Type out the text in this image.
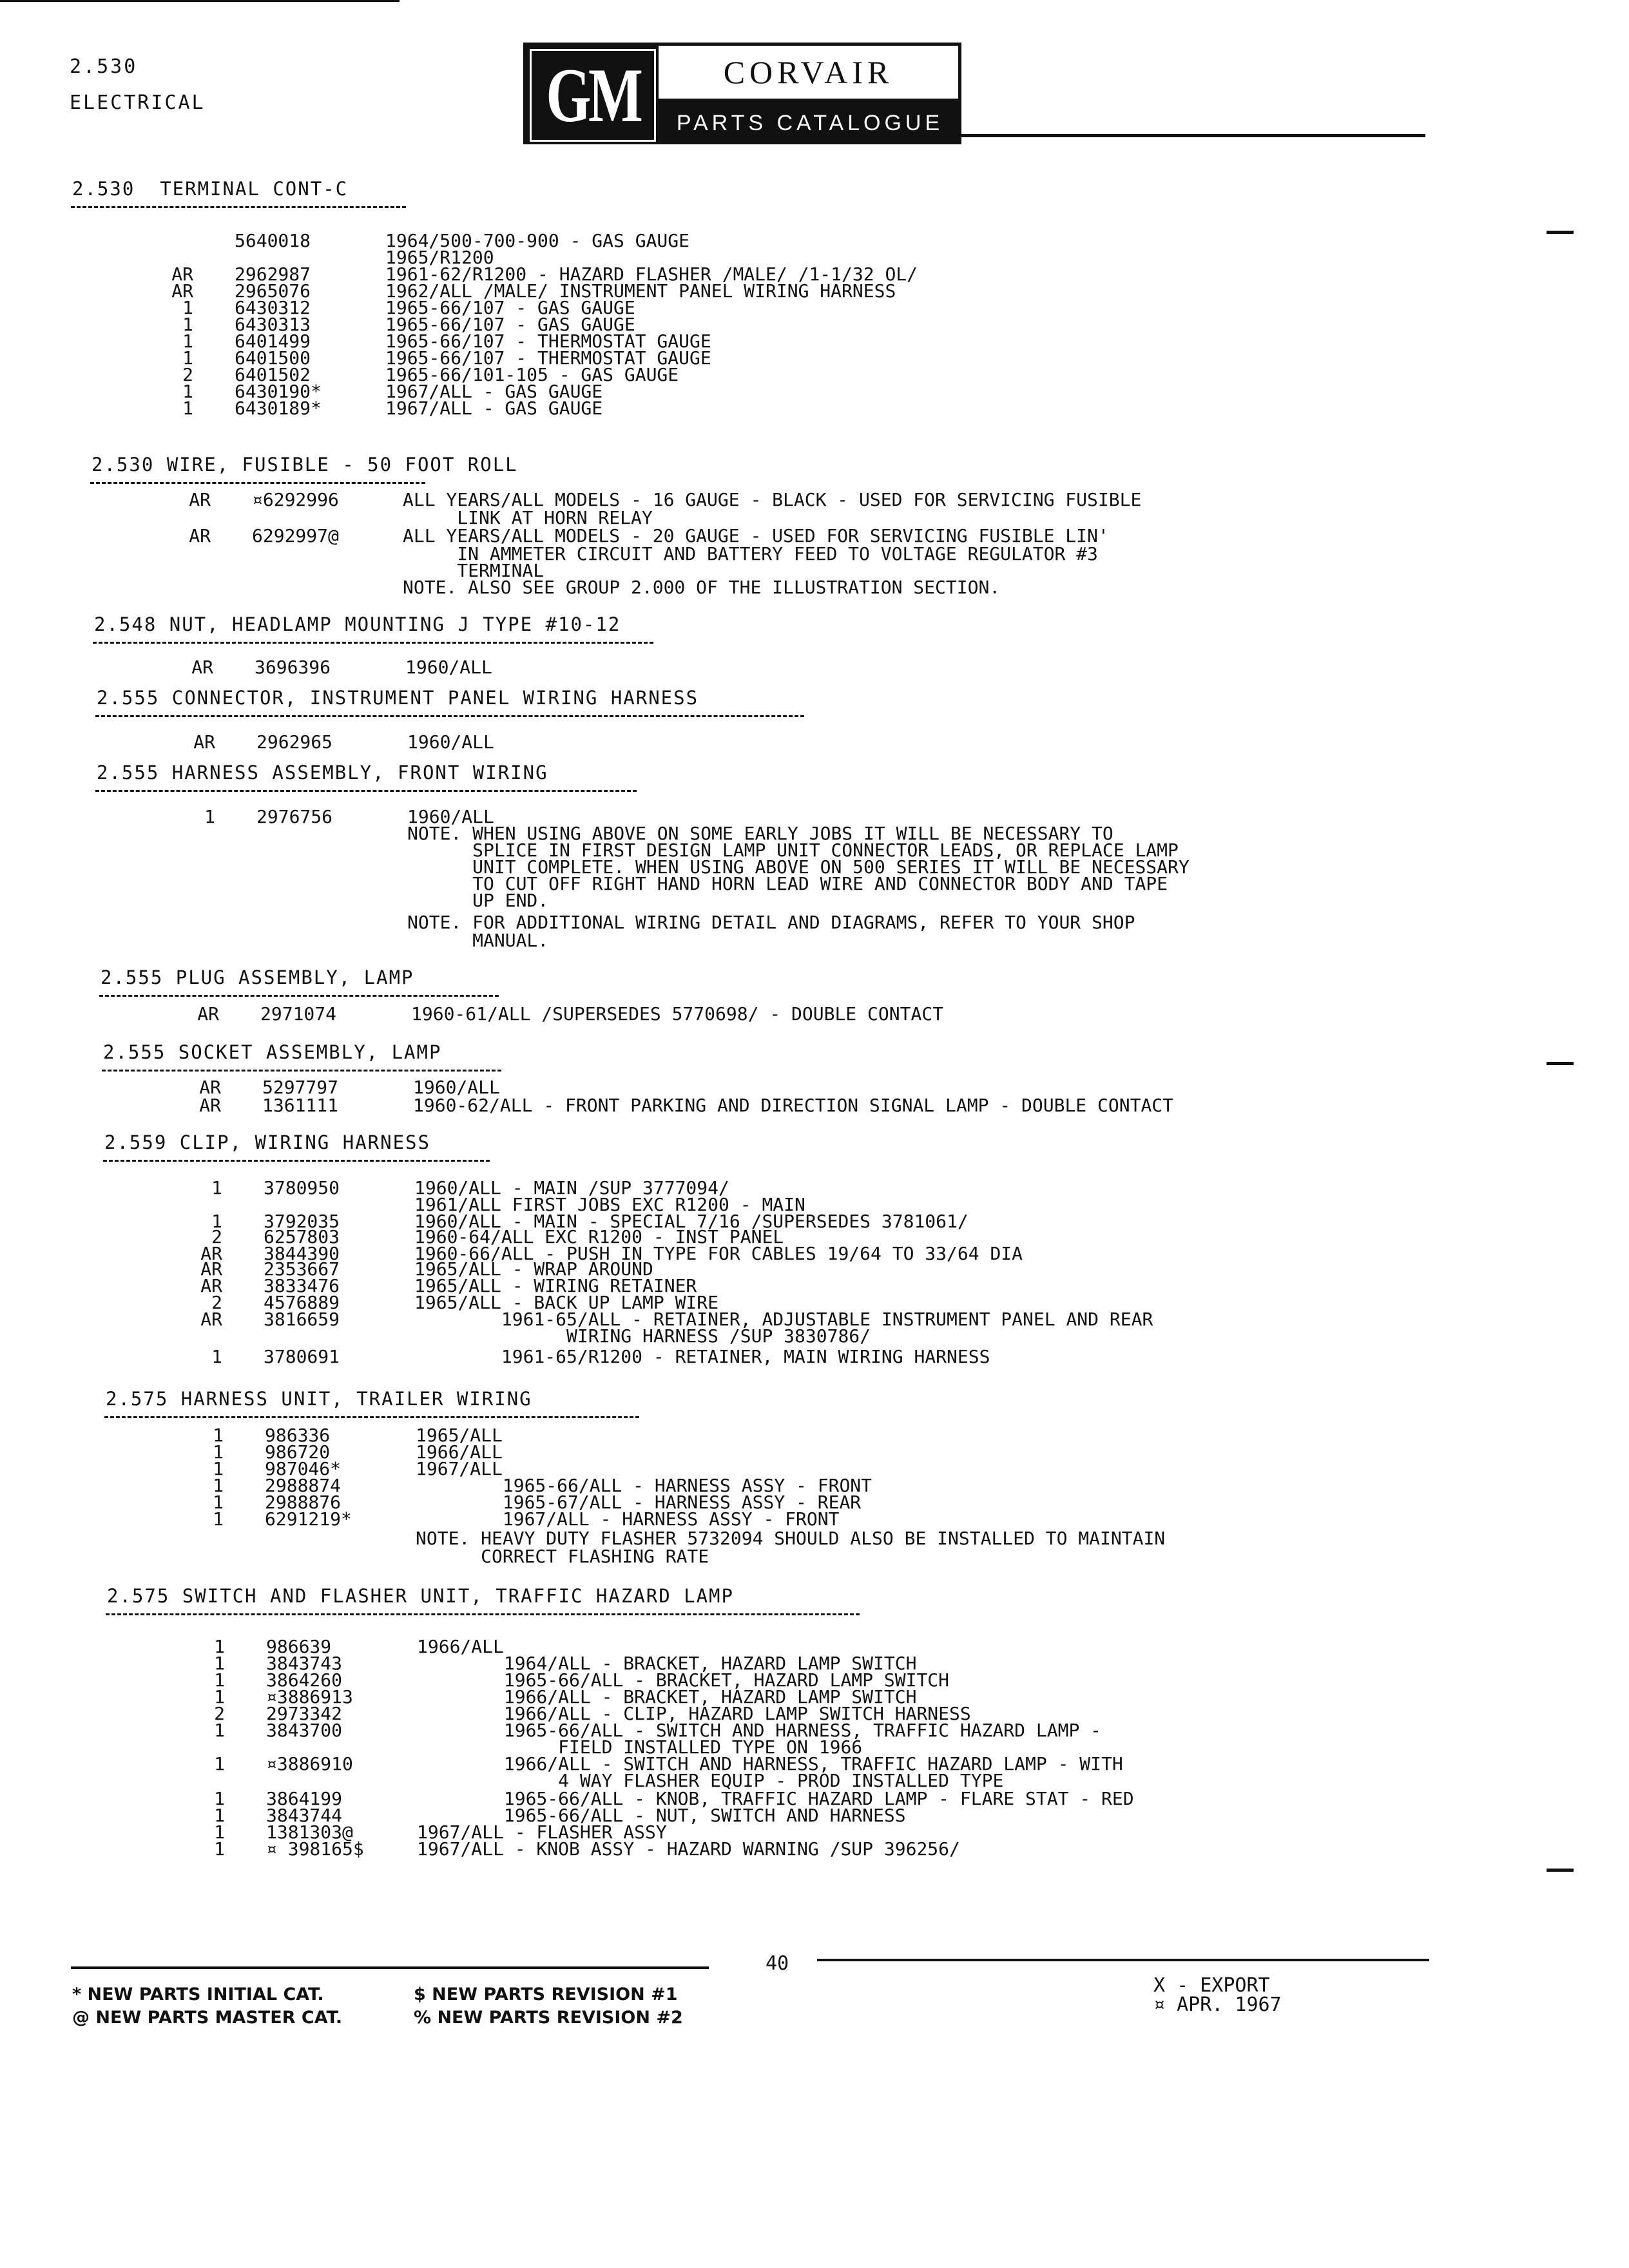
2.530
ELECTRICAL	GM	CORVAIR
PARTS CATALOGUE
2.530  TERMINAL CONT-C
5640018	1964/500-700-900 - GAS GAUGE
1965/R1200
AR 2962987	1961-62/R1200 - HAZARD FLASHER /MALE/ /1-1/32 OL/
AR 2965076	1962/ALL /MALE/ INSTRUMENT PANEL WIRING HARNESS
1 6430312	1965-66/107 - GAS GAUGE
1 6430313	1965-66/107 - GAS GAUGE
1 6401499	1965-66/107 - THERMOSTAT GAUGE
1 6401500	1965-66/107 - THERMOSTAT GAUGE
2 6401502	1965-66/101-105 - GAS GAUGE
1 6430190*	1967/ALL - GAS GAUGE
1 6430189*	1967/ALL - GAS GAUGE
2.530 WIRE, FUSIBLE - 50 FOOT ROLL
AR ¤6292996	ALL YEARS/ALL MODELS - 16 GAUGE - BLACK - USED FOR SERVICING FUSIBLE
LINK AT HORN RELAY
AR 6292997@	ALL YEARS/ALL MODELS - 20 GAUGE - USED FOR SERVICING FUSIBLE LIN'
IN AMMETER CIRCUIT AND BATTERY FEED TO VOLTAGE REGULATOR #3
TERMINAL
NOTE. ALSO SEE GROUP 2.000 OF THE ILLUSTRATION SECTION.
2.548 NUT, HEADLAMP MOUNTING J TYPE #10-12
AR 3696396	1960/ALL
2.555 CONNECTOR, INSTRUMENT PANEL WIRING HARNESS
AR 2962965	1960/ALL
2.555 HARNESS ASSEMBLY, FRONT WIRING
1 2976756	1960/ALL
NOTE. WHEN USING ABOVE ON SOME EARLY JOBS IT WILL BE NECESSARY TO
SPLICE IN FIRST DESIGN LAMP UNIT CONNECTOR LEADS, OR REPLACE LAMP
UNIT COMPLETE. WHEN USING ABOVE ON 500 SERIES IT WILL BE NECESSARY
TO CUT OFF RIGHT HAND HORN LEAD WIRE AND CONNECTOR BODY AND TAPE
UP END.
NOTE. FOR ADDITIONAL WIRING DETAIL AND DIAGRAMS, REFER TO YOUR SHOP
MANUAL.
2.555 PLUG ASSEMBLY, LAMP
AR 2971074	1960-61/ALL /SUPERSEDES 5770698/ - DOUBLE CONTACT
2.555 SOCKET ASSEMBLY, LAMP
AR 5297797	1960/ALL
AR 1361111	1960-62/ALL - FRONT PARKING AND DIRECTION SIGNAL LAMP - DOUBLE CONTACT
2.559 CLIP, WIRING HARNESS
1 3780950	1960/ALL - MAIN /SUP 3777094/
1961/ALL FIRST JOBS EXC R1200 - MAIN
1 3792035	1960/ALL - MAIN - SPECIAL 7/16 /SUPERSEDES 3781061/
2 6257803	1960-64/ALL EXC R1200 - INST PANEL
AR 3844390	1960-66/ALL - PUSH IN TYPE FOR CABLES 19/64 TO 33/64 DIA
AR 2353667	1965/ALL - WRAP AROUND
AR 3833476	1965/ALL - WIRING RETAINER
2 4576889	1965/ALL - BACK UP LAMP WIRE
AR 3816659	1961-65/ALL - RETAINER, ADJUSTABLE INSTRUMENT PANEL AND REAR
WIRING HARNESS /SUP 3830786/
1 3780691	1961-65/R1200 - RETAINER, MAIN WIRING HARNESS
2.575 HARNESS UNIT, TRAILER WIRING
1 986336	1965/ALL
1 986720	1966/ALL
1 987046*	1967/ALL
1 2988874	1965-66/ALL - HARNESS ASSY - FRONT
1 2988876	1965-67/ALL - HARNESS ASSY - REAR
1 6291219*	1967/ALL - HARNESS ASSY - FRONT
NOTE. HEAVY DUTY FLASHER 5732094 SHOULD ALSO BE INSTALLED TO MAINTAIN
CORRECT FLASHING RATE
2.575 SWITCH AND FLASHER UNIT, TRAFFIC HAZARD LAMP
1 986639	1966/ALL
1 3843743	1964/ALL - BRACKET, HAZARD LAMP SWITCH
1 3864260	1965-66/ALL - BRACKET, HAZARD LAMP SWITCH
1 ¤3886913	1966/ALL - BRACKET, HAZARD LAMP SWITCH
2 2973342	1966/ALL - CLIP, HAZARD LAMP SWITCH HARNESS
1 3843700	1965-66/ALL - SWITCH AND HARNESS, TRAFFIC HAZARD LAMP -
FIELD INSTALLED TYPE ON 1966
1 ¤3886910	1966/ALL - SWITCH AND HARNESS, TRAFFIC HAZARD LAMP - WITH
4 WAY FLASHER EQUIP - PROD INSTALLED TYPE
1 3864199	1965-66/ALL - KNOB, TRAFFIC HAZARD LAMP - FLARE STAT - RED
1 3843744	1965-66/ALL - NUT, SWITCH AND HARNESS
1 1381303@	1967/ALL - FLASHER ASSY
1 ¤ 398165$	1967/ALL - KNOB ASSY - HAZARD WARNING /SUP 396256/
40
* NEW PARTS INITIAL CAT.
@ NEW PARTS MASTER CAT.
$ NEW PARTS REVISION #1
% NEW PARTS REVISION #2
X - EXPORT
¤ APR. 1967
